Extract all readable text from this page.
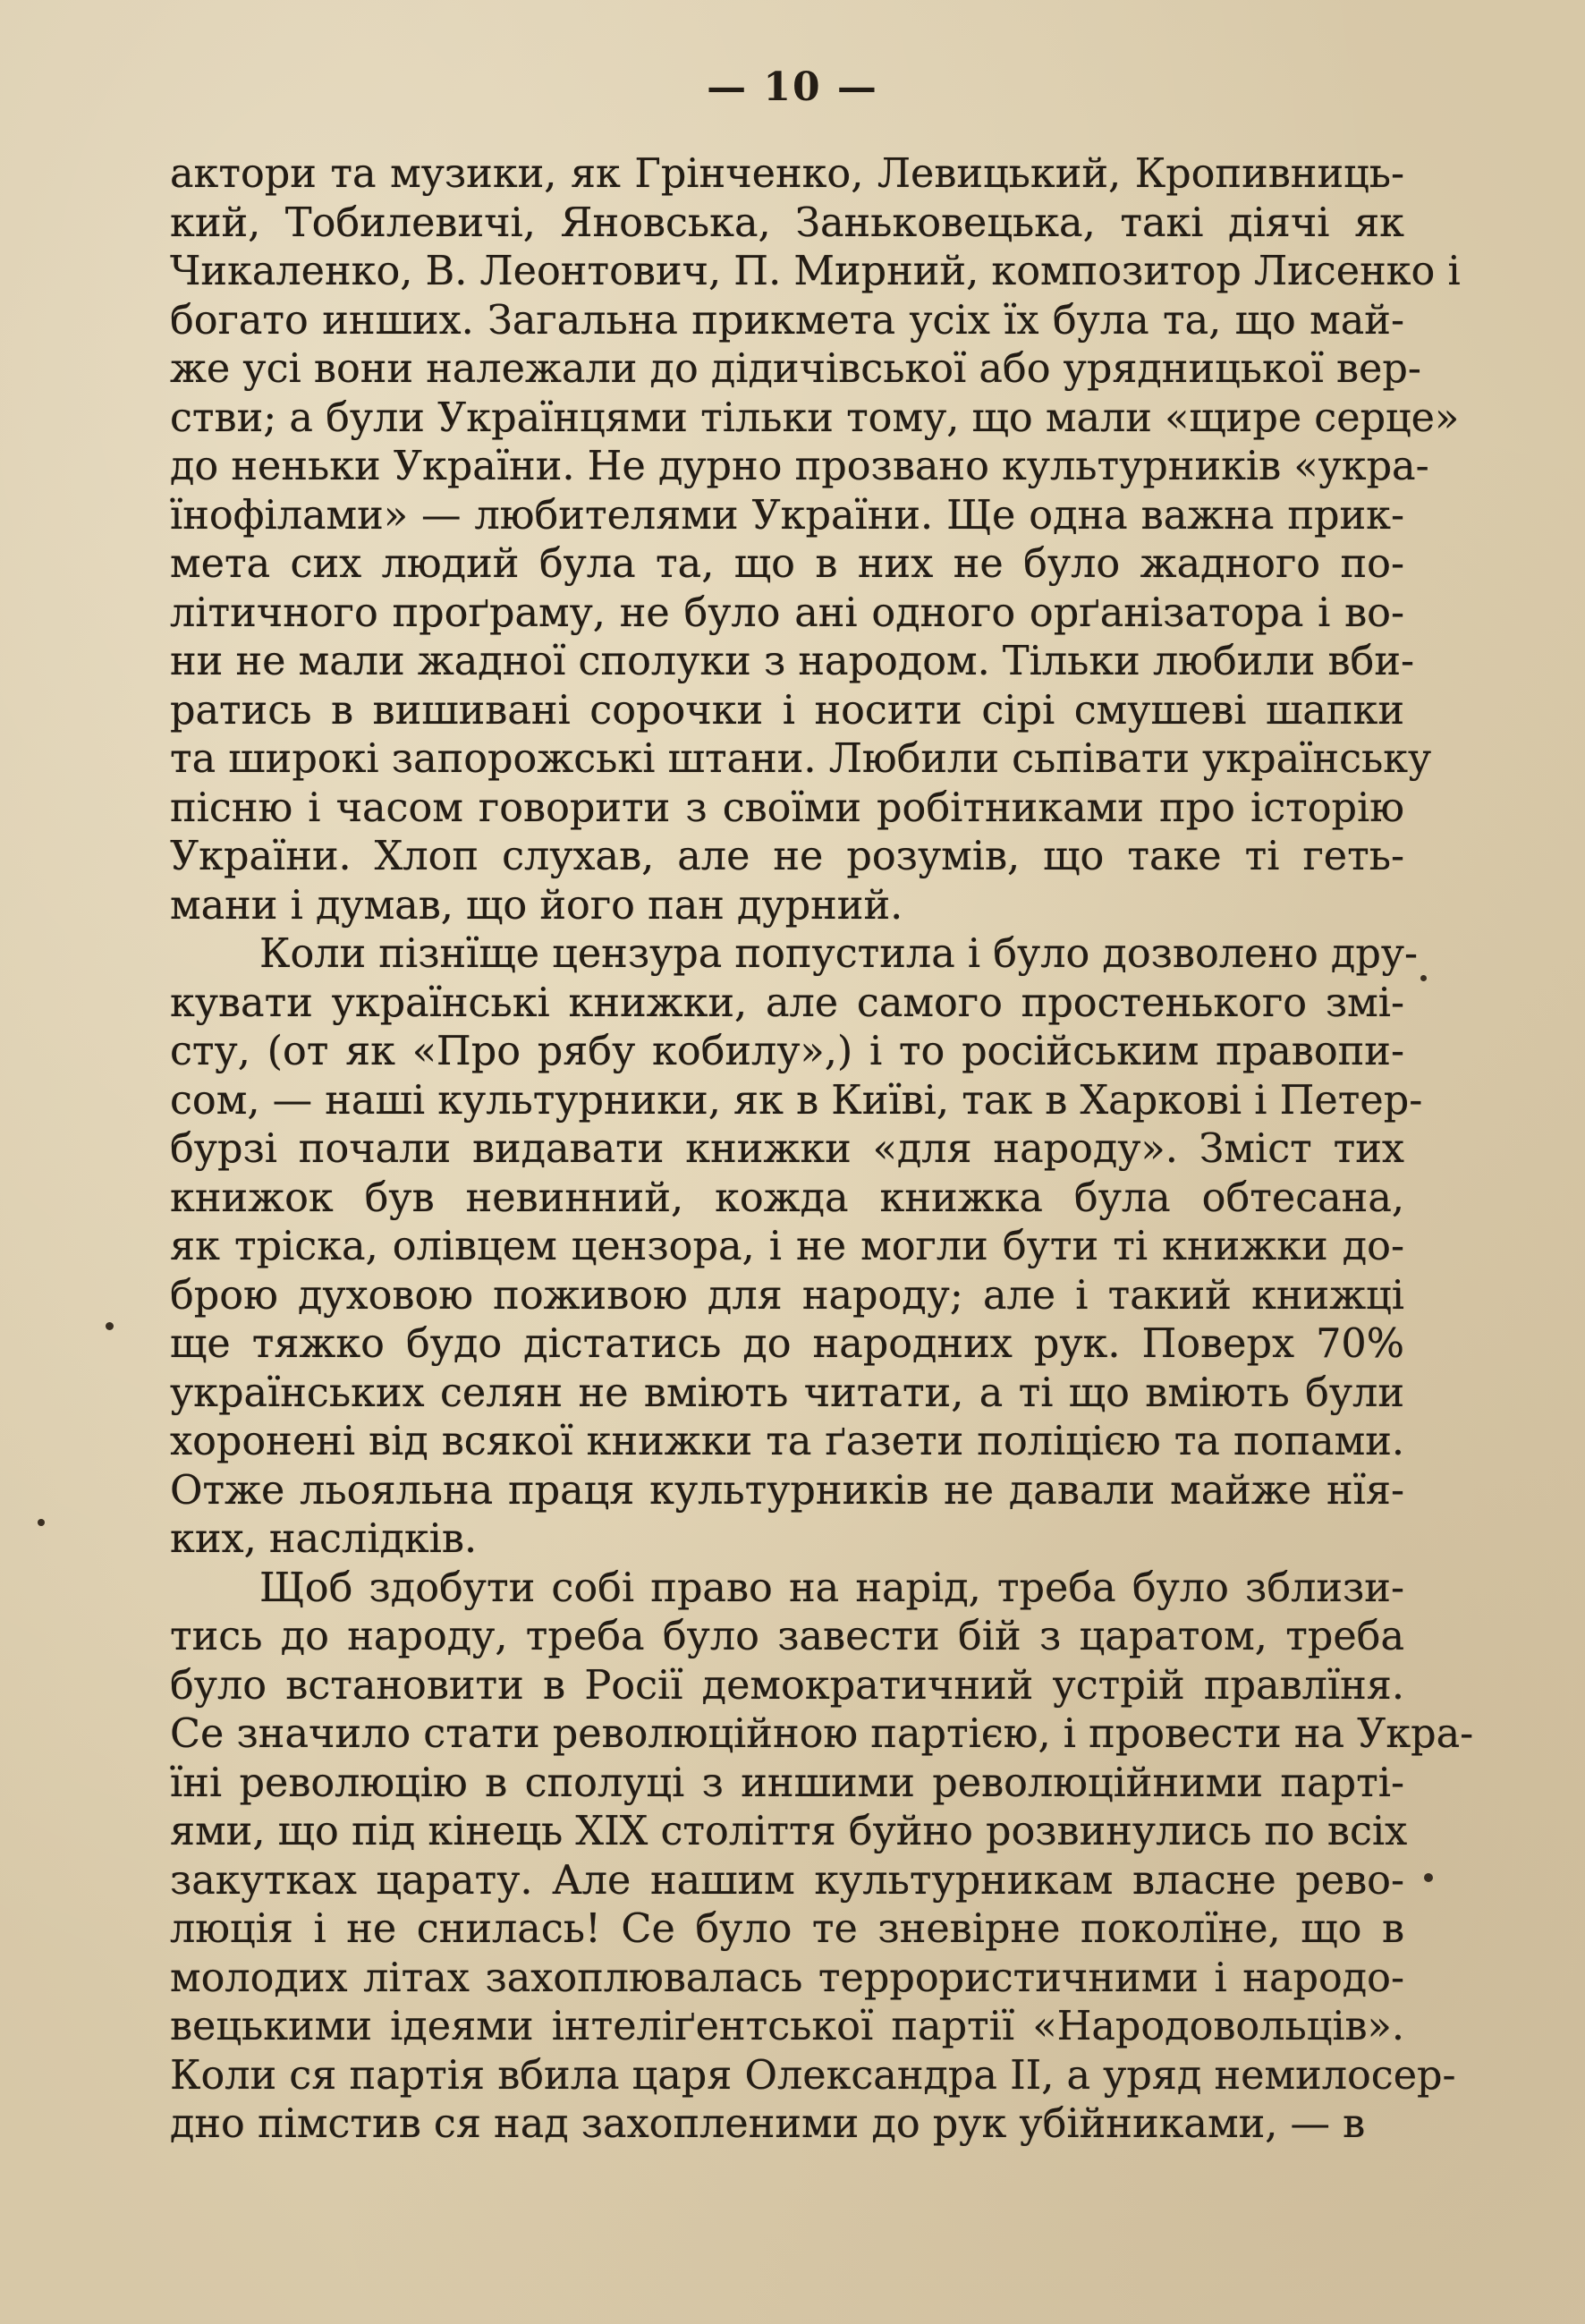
— 10 —
актори та музики, як Грінченко, Левицький, Кропивниць-
кий, Тобилевичі, Яновська, Заньковецька, такі діячі як
Чикаленко, В. Леонтович, П. Мирний, композитор Лисенко і
богато инших. Загальна прикмета усіх їх була та, що май-
же усі вони належали до дідичівської або урядницької вер-
стви; а були Українцями тільки тому, що мали «щире серце»
до неньки України. Не дурно прозвано культурників «укра-
їнофілами» — любителями України. Ще одна важна прик-
мета сих людий була та, що в них не було жадного по-
літичного проґраму, не було ані одного орґанізатора і во-
ни не мали жадної сполуки з народом. Тільки любили вби-
ратись в вишивані сорочки і носити сірі смушеві шапки
та широкі запорожські штани. Любили сьпівати українську
пісню і часом говорити з своїми робітниками про історію
України. Хлоп слухав, але не розумів, що таке ті геть-
мани і думав, що його пан дурний.
Коли пізнїще цензура попустила і було дозволено дру-
кувати українські книжки, але самого простенького змі-
сту, (от як «Про рябу кобилу»,) і то російським правопи-
сом, — наші культурники, як в Київі, так в Харкові і Петер-
бурзі почали видавати книжки «для народу». Зміст тих
книжок був невинний, кожда книжка була обтесана,
як тріска, олівцем цензора, і не могли бути ті книжки до-
брою духовою поживою для народу; але і такий книжці
ще тяжко будо дістатись до народних рук. Поверх 70%
українських селян не вміють читати, а ті що вміють були
хоронені від всякої книжки та ґазети поліцією та попами.
Отже льояльна праця культурників не давали майже нїя-
ких, наслідків.
Щоб здобути собі право на нарід, треба було зблизи-
тись до народу, треба було завести бій з царатом, треба
було встановити в Росії демократичний устрій правлїня.
Се значило стати революційною партією, і провести на Укра-
їні революцію в сполуці з иншими революційними парті-
ями, що під кінець XIX століття буйно розвинулись по всіх
закутках царату. Але нашим культурникам власне рево-
люція і не снилась! Се було те зневірне поколїне, що в
молодих літах захоплювалась террористичними і народо-
вецькими ідеями інтеліґентської партії «Народовольців».
Коли ся партія вбила царя Олександра II, а уряд немилосер-
дно пімстив ся над захопленими до рук убійниками, — в
